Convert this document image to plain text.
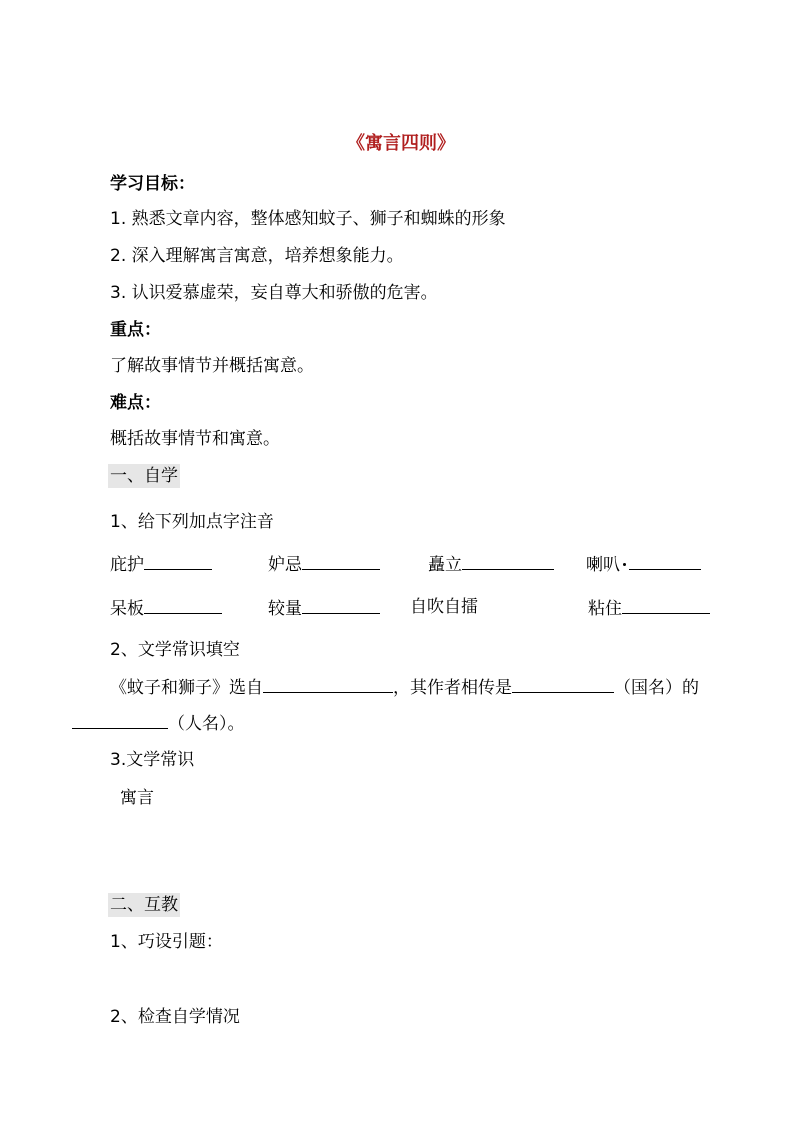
《寓言四则》
学习目标：
1. 熟悉文章内容，整体感知蚊子、狮子和蜘蛛的形象
2. 深入理解寓言寓意，培养想象能力。
3. 认识爱慕虚荣，妄自尊大和骄傲的危害。
重点：
了解故事情节并概括寓意。
难点：
概括故事情节和寓意。
一、自学
1、给下列加点字注音
庇护	妒忌	矗立	喇叭
呆板	较量	自吹自擂	粘住
2、文学常识填空
《蚊子和狮子》选自	，其作者相传是	（国名）的
（人名）。
3.文学常识
寓言
二、互教
1、巧设引题：
2、检查自学情况
